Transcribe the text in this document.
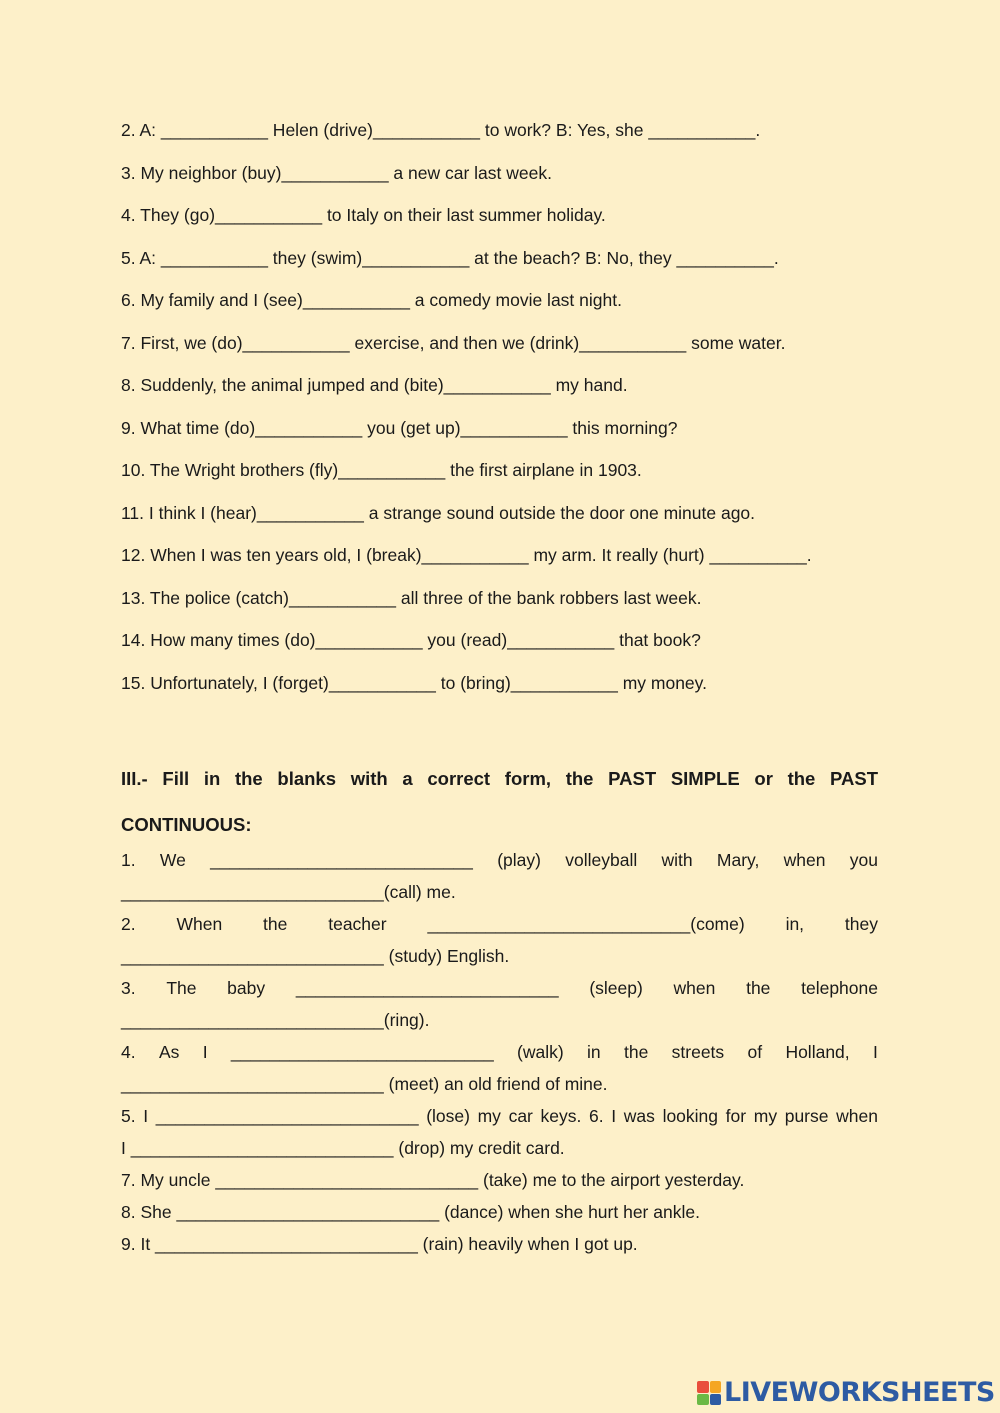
2. A: ___________ Helen (drive)___________ to work? B: Yes, she ___________.
3. My neighbor (buy)___________ a new car last week.
4. They (go)___________ to Italy on their last summer holiday.
5. A: ___________ they (swim)___________ at the beach? B: No, they __________.
6. My family and I (see)___________ a comedy movie last night.
7. First, we (do)___________ exercise, and then we (drink)___________ some water.
8. Suddenly, the animal jumped and (bite)___________ my hand.
9. What time (do)___________ you (get up)___________ this morning?
10. The Wright brothers (fly)___________ the first airplane in 1903.
11. I think I (hear)___________ a strange sound outside the door one minute ago.
12. When I was ten years old, I (break)___________ my arm. It really (hurt) __________.
13. The police (catch)___________ all three of the bank robbers last week.
14. How many times (do)___________ you (read)___________ that book?
15. Unfortunately, I (forget)___________ to (bring)___________ my money.
III.- Fill in the blanks with a correct form, the PAST SIMPLE or the PAST
CONTINUOUS:
1. We ___________________________ (play) volleyball with Mary, when you
___________________________(call) me.
2. When the teacher ___________________________(come) in, they
___________________________ (study) English.
3. The baby ___________________________ (sleep) when the telephone
___________________________(ring).
4. As I ___________________________ (walk) in the streets of Holland, I
___________________________ (meet) an old friend of mine.
5. I ___________________________ (lose) my car keys. 6. I was looking for my purse when
I ___________________________ (drop) my credit card.
7. My uncle ___________________________ (take) me to the airport yesterday.
8. She ___________________________ (dance) when she hurt her ankle.
9. It ___________________________ (rain) heavily when I got up.
LIVEWORKSHEETS
